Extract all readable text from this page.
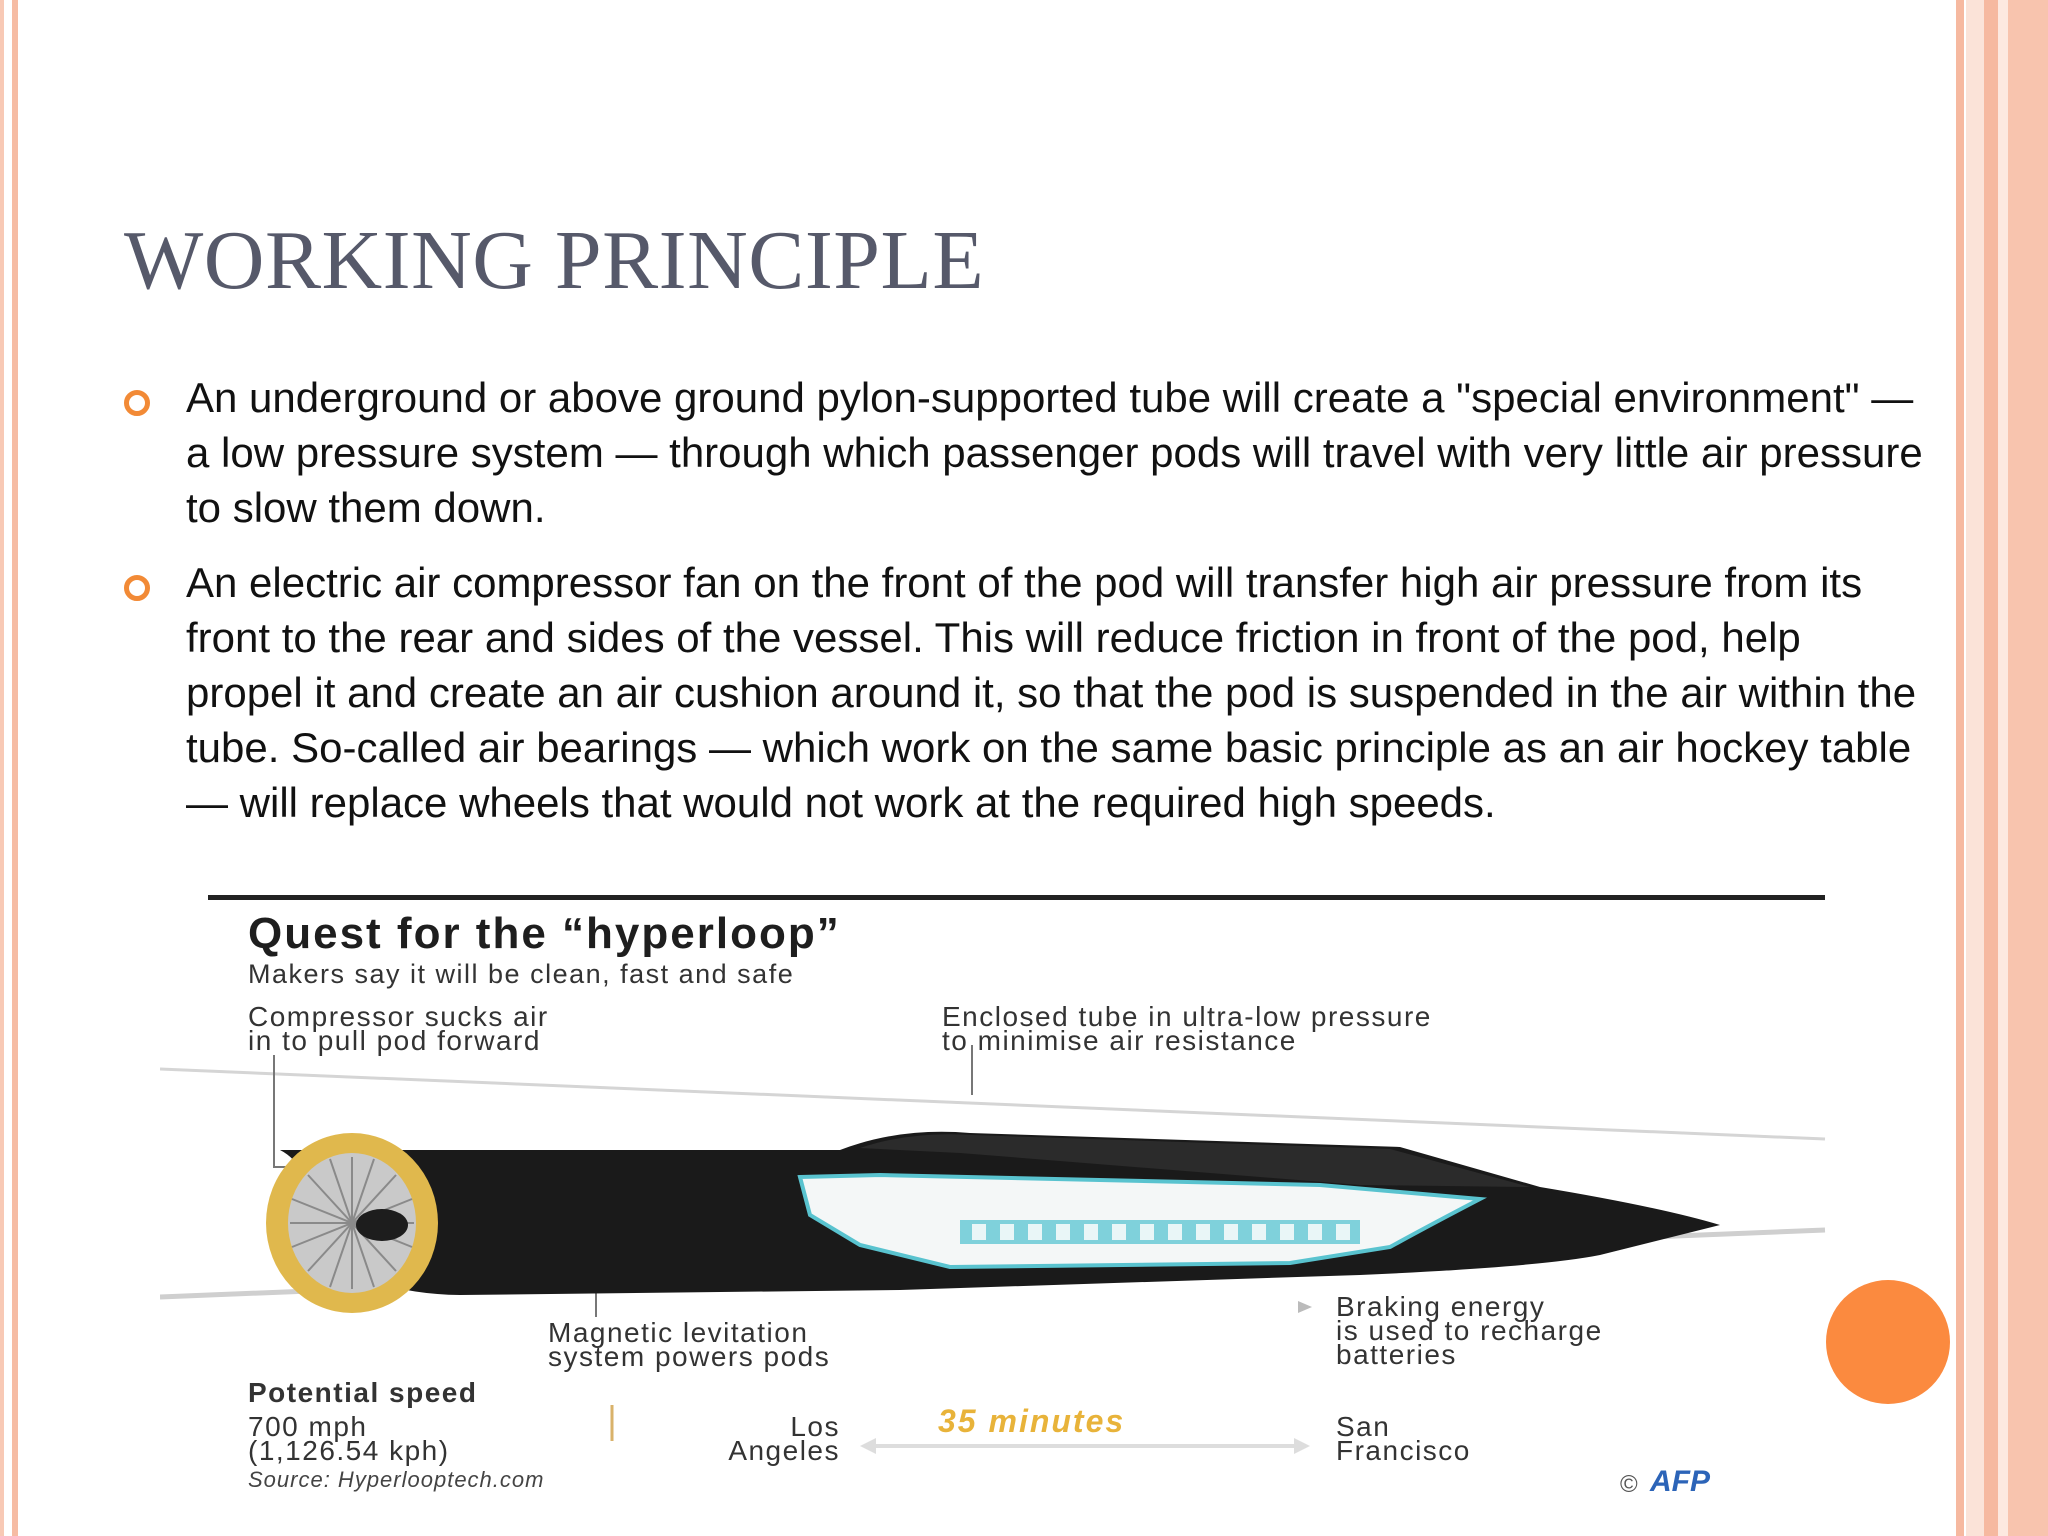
WORKING PRINCIPLE
An underground or above ground pylon-supported tube will create a "special environment" — a low pressure system — through which passenger pods will travel with very little air pressure to slow them down.
An electric air compressor fan on the front of the pod will transfer high air pressure from its front to the rear and sides of the vessel. This will reduce friction in front of the pod, help propel it and create an air cushion around it, so that the pod is suspended in the air within the tube. So-called air bearings — which work on the same basic principle as an air hockey table — will replace wheels that would not work at the required high speeds.
Quest for the “hyperloop”
Makers say it will be clean, fast and safe
Compressor sucks air
in to pull pod forward
Enclosed tube in ultra-low pressure
to minimise air resistance
Magnetic levitation
system powers pods
Braking energy
is used to recharge
batteries
Potential speed
700 mph
(1,126.54 kph)
Los
Angeles
35 minutes	San
Francisco
Source: Hyperlooptech.com	© AFP
